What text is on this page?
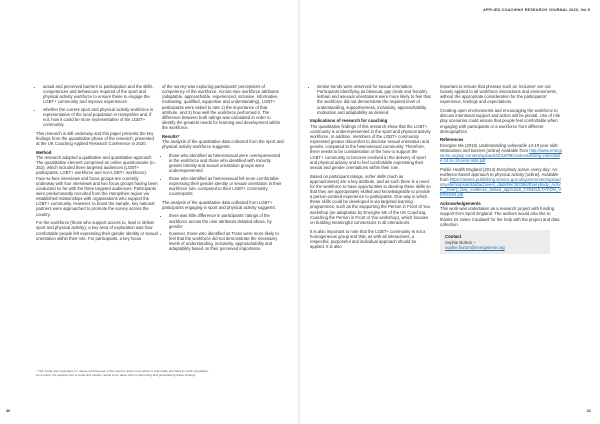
• actual and perceived barriers to participation and the skills, competences and behaviours required of the sport and physical activity workforce to ensure these to engage the LGBT+ community and improve experiences
• whether the current sport and physical activity workforce is representative of the local population in Hampshire and, if not, how it could be more representative of the LGBT+ community.

This research is still underway and this paper presents the key findings from the quantitative phase of the research, presented at the UK Coaching Applied Research Conference in 2020.

Method

The research adopted a qualitative and quantitative approach. The quantitative element comprised an online questionnaire (n= 352), which included three targeted audiences (LGBT+ participants, LGBT+ workforce and non-LGBT+ workforce). Face-to-face interviews and focus groups are currently underway with four interviews and two focus groups having been conducted so far with the three targeted audiences. Participants were predominantly recruited from the Hampshire region via established relationships with organisations who support the LGBT+ community. However, to boost the sample, key national partners were approached to promote the survey across the country.

For the workforce (those who support access to, lead or deliver sport and physical activity), a key area of exploration was how comfortable people felt expressing their gender identity or sexual orientation within their role. For participants, a key focus

of the survey was exploring participants' perceptions of competency of the workforce. Across nine workforce attributes (adaptable, approachable, experienced, inclusive, informative, motivating, qualified, supportive and understanding), LGBT+ participants were asked to rate 1) the importance of that attribute, and 2) how well the workforce performed it. The difference between both ratings was calculated in order to identify the greatest needs for learning and development within the workforce.

Results*

The analysis of the quantitative data collected from the sport and physical activity workforce suggests:

• those who identified as heterosexual were overrepresented in the workforce and those who identified with minority gender identity and sexual orientation groups were underrepresented
• those who identified as heterosexual felt more comfortable expressing their gender identity or sexual orientation in their workforce role, compared to their LGBT+ community counterparts

The analysis of the quantitative data collected from LGBT+ participants engaging in sport and physical activity suggests:

• there was little difference in participants' ratings of the workforce across the nine attributes detailed above, by gender
• however, those who identified as Trans were more likely to feel that the workforce did not demonstrate the necessary levels of understanding, inclusivity, approachability and adaptability based on their perceived importance
* This study was exploratory in nature and focused on the need to learn more about a vulnerable and hard to reach population.
As a result, the sample size is small and caution needs to be taken when interpreting and generalising these findings.
30
APPLIED COACHING RESEARCH JOURNAL 2020, Vol.5
• similar trends were observed for sexual orientation. Participants identifying as bisexual, gay (male and female), lesbian and asexual orientations were more likely to feel that the workforce did not demonstrate the required level of understanding, supportiveness, inclusivity, approachability, motivation and adaptability as desired.
Implications of research for coaching

The quantitative findings of this research show that the LGBT+ community is underrepresented in the sport and physical activity workforce. In addition, members of the LGBT+ community expressed greater discomfort to disclose sexual orientation and gender, compared to the heterosexual community. Therefore, there needs to be consideration of the how to support the LGBT+ community to become involved in the delivery of sport and physical activity and to feel comfortable expressing their sexual and gender orientations within their role.

Based on participant ratings, softer skills (such as approachiness) are a key attribute, and as such there is a need for the workforce to have opportunities to develop these skills so that they are appropriately skilled and knowledgeable to provide a person-centred experience to participants. One way in which these skills could be developed is via targeted learning programmes, such as the Supporting the Person in Front of You workshop (an adaptation by Energise Me of the UK Coaching, Coaching the Person in Front of You workshop), which focuses on building meaningful connections in all interactions.

It is also important to note that the LGBT+ community is not a homogeneous group and that, as with all interactions, a respectful, purposeful and individual approach should be applied. It is also

important to ensure that phrases such as 'inclusive' are not loosely applied to all workforce interactions and environments, without the appropriate consideration for the participants' experience, feelings and expectations.

Creating open environments and encouraging the workforce to discuss intentional support and action will be pivotal. Use of role play scenarios could ensure that people feel comfortable when engaging with participants or a workforce from different demographics.

References

Energise Me (2018) Understanding vulnerable 14-19 year olds: Motivations and barriers [online] Available from http://www.energiseme.org/wp-content/uploads/2018/09/Understanding-vulnerable-14-to-19-year-olds.pdf

Public Health England (2014) Everybody active, every day: An evidence-based approach to physical activity [online]. Available from https://assets.publishing.service.gov.uk/government/uploads/system/uploads/attachment_data/file/353384/Everybody_Active__Every_Day_evidence_based_approach_CONSULTATION_VERSION.pdf

Acknowledgements

This work was undertaken as a research project with funding support from Sport England. The authors would also like to thanks Dr Jaime Caudwell for her help with the project and data collection.

Contact
Sophie Burton –
sophie.burton@energiseme.org
31
